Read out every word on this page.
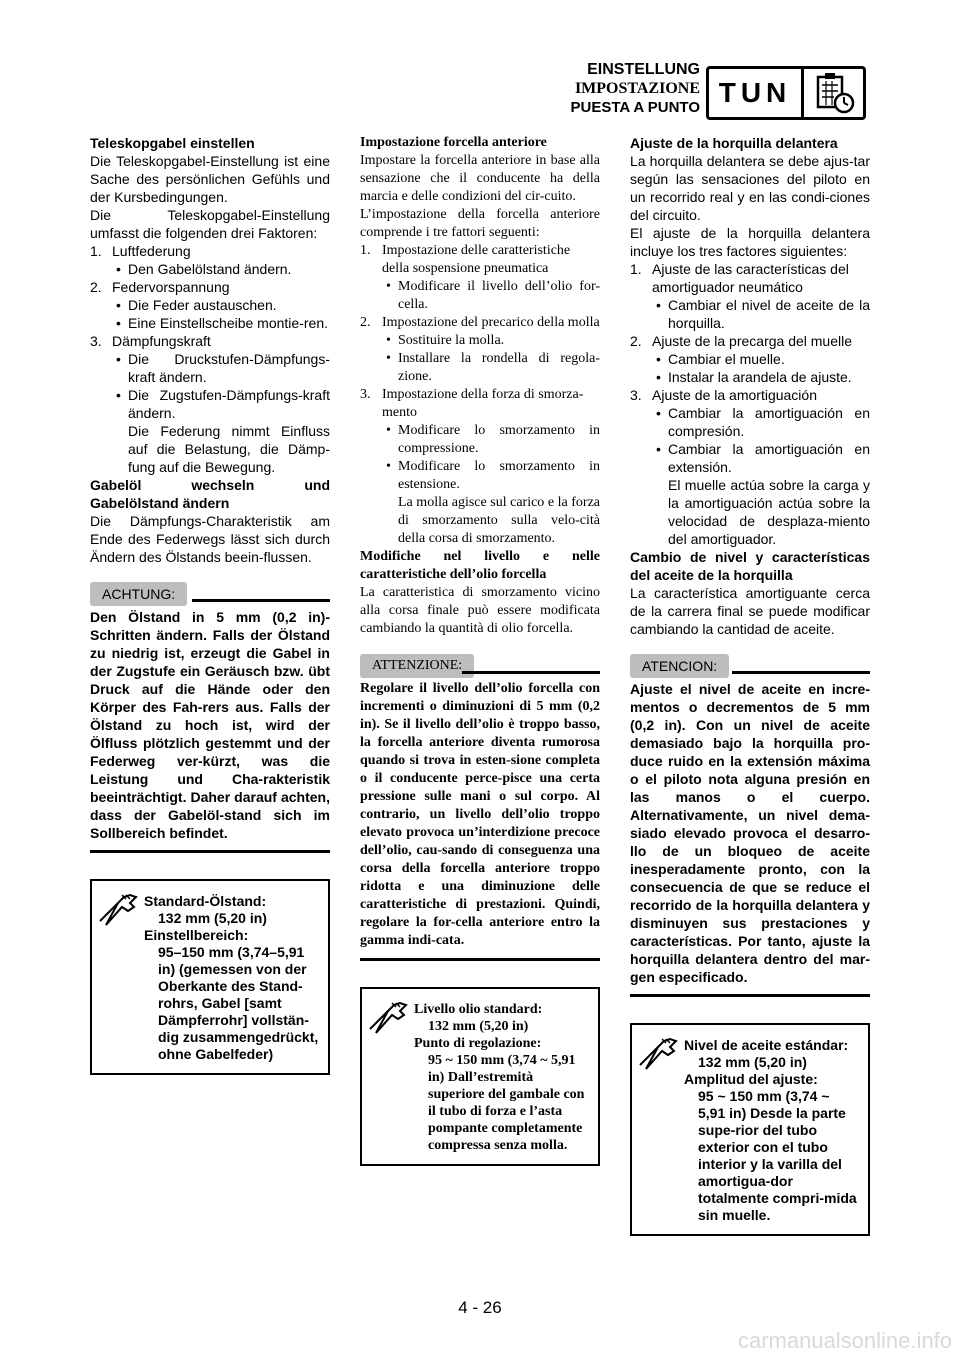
EINSTELLUNG
IMPOSTAZIONE
PUESTA A PUNTO TUN

Teleskopgabel einstellen

Die Teleskopgabel-Einstellung ist eine Sache des persönlichen Gefühls und der Kursbedingungen.

Die Teleskopgabel-Einstellung umfasst die folgenden drei Faktoren:

1. Luftfederung
• Den Gabelölstand ändern.
2. Federvorspannung
• Die Feder austauschen.
• Eine Einstellscheibe montie-ren.
3. Dämpfungskraft
• Die Druckstufen-Dämpfungs-kraft ändern.
• Die Zugstufen-Dämpfungs-kraft ändern.
Die Federung nimmt Einfluss auf die Belastung, die Dämp-fung auf die Bewegung.

Gabelöl wechseln und Gabelölstand ändern

Die Dämpfungs-Charakteristik am Ende des Federwegs lässt sich durch Ändern des Ölstands beein-flussen.

ACHTUNG:

Den Ölstand in 5 mm (0,2 in)-Schritten ändern. Falls der Ölstand zu niedrig ist, erzeugt die Gabel in der Zugstufe ein Geräusch bzw. übt Druck auf die Hände oder den Körper des Fah-rers aus. Falls der Ölstand zu hoch ist, wird der Ölfluss plötzlich gestemmt und der Federweg ver-kürzt, was die Leistung und Cha-rakteristik beeinträchtigt. Daher darauf achten, dass der Gabelöl-stand sich im Sollbereich befindet.

Standard-Ölstand:
132 mm (5,20 in)
Einstellbereich:
95–150 mm (3,74–5,91 in) (gemessen von der Oberkante des Stand-rohrs, Gabel [samt Dämpferrohr] vollstän-dig zusammengedrückt, ohne Gabelfeder)

Impostazione forcella anteriore

Impostare la forcella anteriore in base alla sensazione che il conducente ha della marcia e delle condizioni del cir-cuito.

L’impostazione della forcella anteriore comprende i tre fattori seguenti:

1. Impostazione delle caratteristiche della sospensione pneumatica
• Modificare il livello dell’olio for-cella.
2. Impostazione del precarico della molla
• Sostituire la molla.
• Installare la rondella di regola-zione.
3. Impostazione della forza di smorza-mento
• Modificare lo smorzamento in compressione.
• Modificare lo smorzamento in estensione.
La molla agisce sul carico e la forza di smorzamento sulla velo-cità della corsa di smorzamento.

Modifiche nel livello e nelle caratteristiche dell’olio forcella

La caratteristica di smorzamento vicino alla corsa finale può essere modificata cambiando la quantità di olio forcella.

ATTENZIONE:

Regolare il livello dell’olio forcella con incrementi o diminuzioni di 5 mm (0,2 in). Se il livello dell’olio è troppo basso, la forcella anteriore diventa rumorosa quando si trova in esten-sione completa o il conducente perce-pisce una certa pressione sulle mani o sul corpo. Al contrario, un livello dell’olio troppo elevato provoca un’interdizione precoce dell’olio, cau-sando di conseguenza una corsa della forcella anteriore troppo ridotta e una diminuzione delle caratteristiche di prestazioni. Quindi, regolare la for-cella anteriore entro la gamma indi-cata.

Livello olio standard:
132 mm (5,20 in)
Punto di regolazione:
95 ~ 150 mm (3,74 ~ 5,91 in) Dall’estremità superiore del gambale con il tubo di forza e l’asta pompante completamente compressa senza molla.

Ajuste de la horquilla delantera

La horquilla delantera se debe ajus-tar según las sensaciones del piloto en un recorrido real y en las condi-ciones del circuito.

El ajuste de la horquilla delantera incluye los tres factores siguientes:

1. Ajuste de las características del amortiguador neumático
• Cambiar el nivel de aceite de la horquilla.
2. Ajuste de la precarga del muelle
• Cambiar el muelle.
• Instalar la arandela de ajuste.
3. Ajuste de la amortiguación
• Cambiar la amortiguación en compresión.
• Cambiar la amortiguación en extensión.
El muelle actúa sobre la carga y la amortiguación actúa sobre la velocidad de desplaza-miento del amortiguador.

Cambio de nivel y características del aceite de la horquilla

La característica amortiguante cerca de la carrera final se puede modificar cambiando la cantidad de aceite.

ATENCION:

Ajuste el nivel de aceite en incre-mentos o decrementos de 5 mm (0,2 in). Con un nivel de aceite demasiado bajo la horquilla pro-duce ruido en la extensión máxima o el piloto nota alguna presión en las manos o el cuerpo. Alternativamente, un nivel dema-siado elevado provoca el desarro-llo de un bloqueo de aceite inesperadamente pronto, con la consecuencia de que se reduce el recorrido de la horquilla delantera y disminuyen sus prestaciones y características. Por tanto, ajuste la horquilla delantera dentro del mar-gen especificado.

Nivel de aceite estándar:
132 mm (5,20 in)
Amplitud del ajuste:
95 ~ 150 mm (3,74 ~ 5,91 in) Desde la parte supe-rior del tubo exterior con el tubo interior y la varilla del amortigua-dor totalmente compri-mida sin muelle.
4 - 26
carmanualsonline.info
